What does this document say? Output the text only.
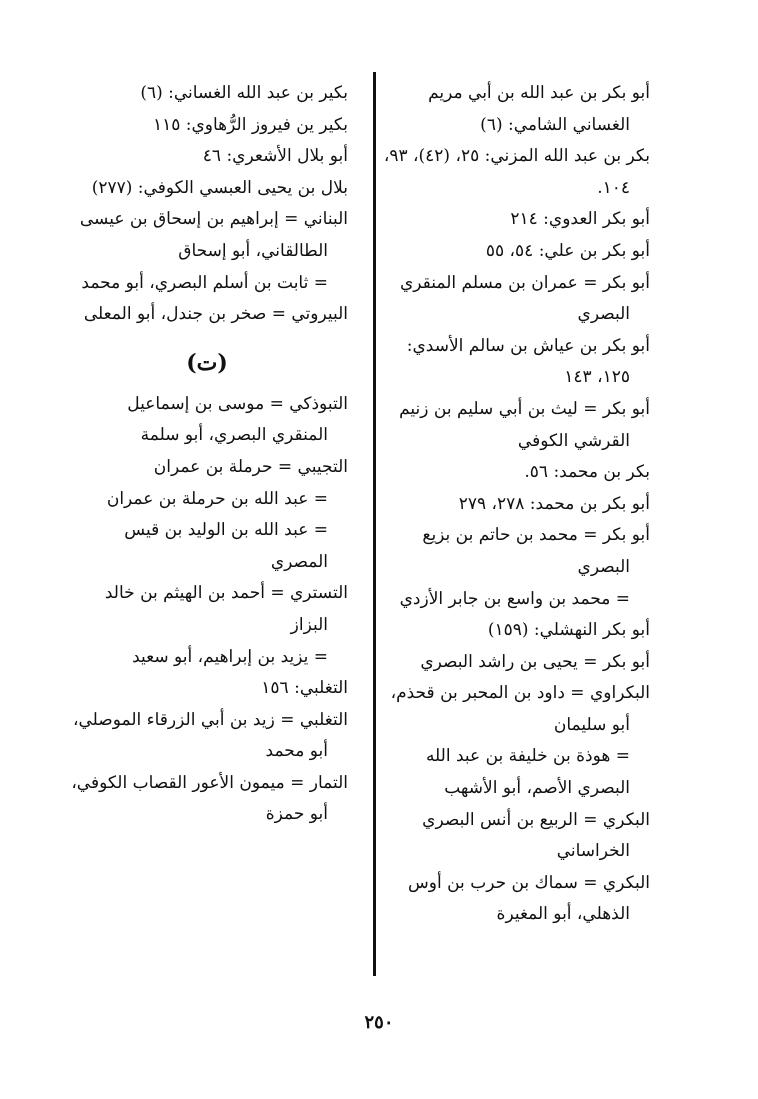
أبو بكر بن عبد الله بن أبي مريم الغساني الشامي: (٦)

بكر بن عبد الله المزني: ٢٥، (٤٢)، ٩٣، ١٠٤.

أبو بكر العدوي: ٢١٤

أبو بكر بن علي: ٥٤، ٥٥

أبو بكر = عمران بن مسلم المنقري البصري

أبو بكر بن عياش بن سالم الأسدي: ١٢٥، ١٤٣

أبو بكر = ليث بن أبي سليم بن زنيم القرشي الكوفي

بكر بن محمد: ٥٦.

أبو بكر بن محمد: ٢٧٨، ٢٧٩

أبو بكر = محمد بن حاتم بن بزيع البصري

= محمد بن واسع بن جابر الأزدي

أبو بكر النهشلي: (١٥٩)

أبو بكر = يحيى بن راشد البصري

البكراوي = داود بن المحبر بن قحذم، أبو سليمان

= هوذة بن خليفة بن عبد الله البصري الأصم، أبو الأشهب

البكري = الربيع بن أنس البصري الخراساني

البكري = سماك بن حرب بن أوس الذهلي، أبو المغيرة

بكير بن عبد الله الغساني: (٦)

بكير ين فيروز الرُّهاوي: ١١٥

أبو بلال الأشعري: ٤٦

بلال بن يحيى العبسي الكوفي: (٢٧٧)

البناني = إبراهيم بن إسحاق بن عيسى الطالقاني، أبو إسحاق

= ثابت بن أسلم البصري، أبو محمد

البيروتي = صخر بن جندل، أبو المعلى

(ت)

التبوذكي = موسى بن إسماعيل المنقري البصري، أبو سلمة

التجيبي = حرملة بن عمران

= عبد الله بن حرملة بن عمران

= عبد الله بن الوليد بن قيس المصري

التستري = أحمد بن الهيثم بن خالد البزاز

= يزيد بن إبراهيم، أبو سعيد

التغلبي: ١٥٦

التغلبي = زيد بن أبي الزرقاء الموصلي، أبو محمد

التمار = ميمون الأعور القصاب الكوفي، أبو حمزة

٢٥٠
